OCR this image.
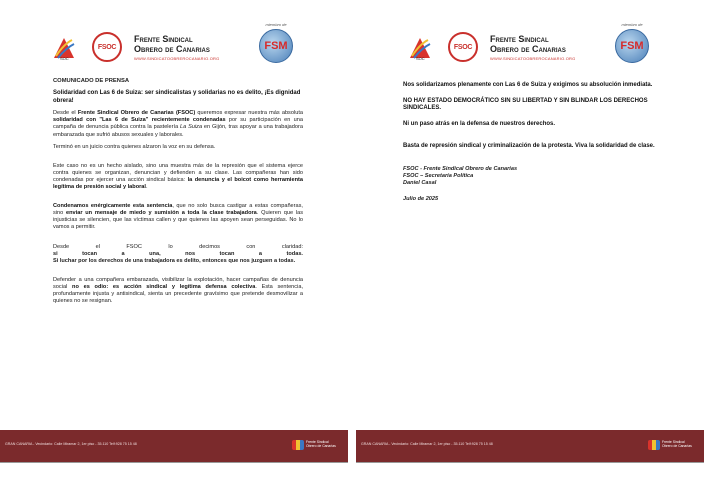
SOC
FSOC
Frente Sindical
Obrero de Canarias
WWW.SINDICATOOBREROCANARIO.ORG
miembro de
FSM

COMUNICADO DE PRENSA

Solidaridad con Las 6 de Suiza: ser sindicalistas y solidarias no es delito, ¡Es dignidad obrera!

Desde el Frente Sindical Obrero de Canarias (FSOC) queremos expresar nuestra más absoluta solidaridad con "Las 6 de Suiza" recientemente condenadas por su participación en una campaña de denuncia pública contra la pastelería La Suiza en Gijón, tras apoyar a una trabajadora embarazada que sufrió abusos sexuales y laborales.

Terminó en un juicio contra quienes alzaron la voz en su defensa.

Este caso no es un hecho aislado, sino una muestra más de la represión que el sistema ejerce contra quienes se organizan, denuncian y defienden a su clase. Las compañeras han sido condenadas por ejercer una acción sindical básica: la denuncia y el boicot como herramienta legítima de presión social y laboral.

Condenamos enérgicamente esta sentencia, que no solo busca castigar a estas compañeras, sino enviar un mensaje de miedo y sumisión a toda la clase trabajadora. Quieren que las injusticias se silencien, que las víctimas callen y que quienes las apoyen sean perseguidas. No lo vamos a permitir.

Desde el FSOC lo decimos con claridad:
si tocan a una, nos tocan a todas.
Si luchar por los derechos de una trabajadora es delito, entonces que nos juzguen a todas.

Defender a una compañera embarazada, visibilizar la explotación, hacer campañas de denuncia social no es odio: es acción sindical y legítima defensa colectiva. Esta sentencia, profundamente injusta y antisindical, sienta un precedente gravísimo que pretende desmovilizar a quienes no se resignan.

GRAN CANARIA - Vecindario: Calle Miramar 2, 1er piso - 35.110 Telf:928 75 15 48	Frente Sindical
Obrero de Canarias
SOC
FSOC
Frente Sindical
Obrero de Canarias
WWW.SINDICATOOBREROCANARIO.ORG
miembro de
FSM

Nos solidarizamos plenamente con Las 6 de Suiza y exigimos su absolución inmediata.

NO HAY ESTADO DEMOCRÁTICO SIN SU LIBERTAD Y SIN BLINDAR LOS DERECHOS SINDICALES.

Ni un paso atrás en la defensa de nuestros derechos.

Basta de represión sindical y criminalización de la protesta. Viva la solidaridad de clase.

FSOC - Frente Sindical Obrero de Canarias
FSOC – Secretaría Política
Daniel Casal

Julio de 2025

GRAN CANARIA - Vecindario: Calle Miramar 2, 1er piso - 35.110 Telf:928 75 15 48	Frente Sindical
Obrero de Canarias
